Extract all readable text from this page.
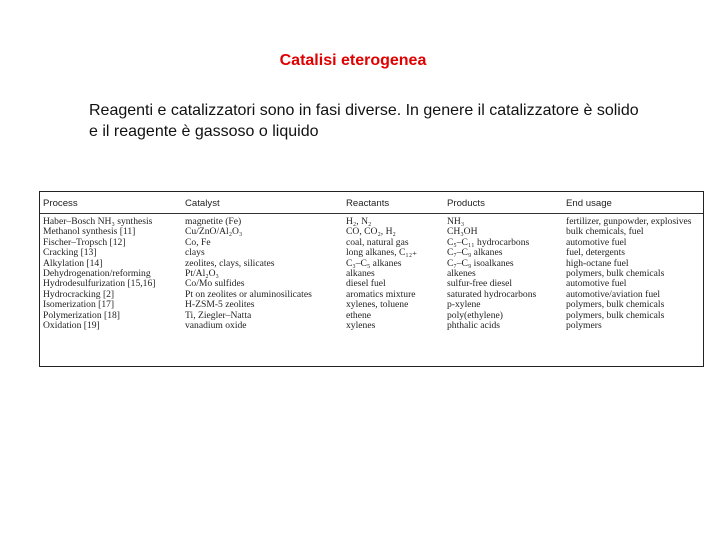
Catalisi eterogenea
Reagenti e catalizzatori sono in fasi diverse. In genere il catalizzatore è solido e il reagente è gassoso o liquido
Process	Catalyst	Reactants	Products	End usage
Haber–Bosch NH₃ synthesis	magnetite (Fe)	H₂, N₂	NH₃	fertilizer, gunpowder, explosives
Methanol synthesis [11]	Cu/ZnO/Al₂O₃	CO, CO₂, H₂	CH₃OH	bulk chemicals, fuel
Fischer–Tropsch [12]	Co, Fe	coal, natural gas	C₅–C₁₁ hydrocarbons	automotive fuel
Cracking [13]	clays	long alkanes, C₁₂₊	C₇–C₉ alkanes	fuel, detergents
Alkylation [14]	zeolites, clays, silicates	C₃–C₅ alkanes	C₇–C₉ isoalkanes	high-octane fuel
Dehydrogenation/reforming	Pt/Al₂O₃	alkanes	alkenes	polymers, bulk chemicals
Hydrodesulfurization [15,16]	Co/Mo sulfides	diesel fuel	sulfur-free diesel	automotive fuel
Hydrocracking [2]	Pt on zeolites or aluminosilicates	aromatics mixture	saturated hydrocarbons	automotive/aviation fuel
Isomerization [17]	H-ZSM-5 zeolites	xylenes, toluene	p-xylene	polymers, bulk chemicals
Polymerization [18]	Ti, Ziegler–Natta	ethene	poly(ethylene)	polymers, bulk chemicals
Oxidation [19]	vanadium oxide	xylenes	phthalic acids	polymers
